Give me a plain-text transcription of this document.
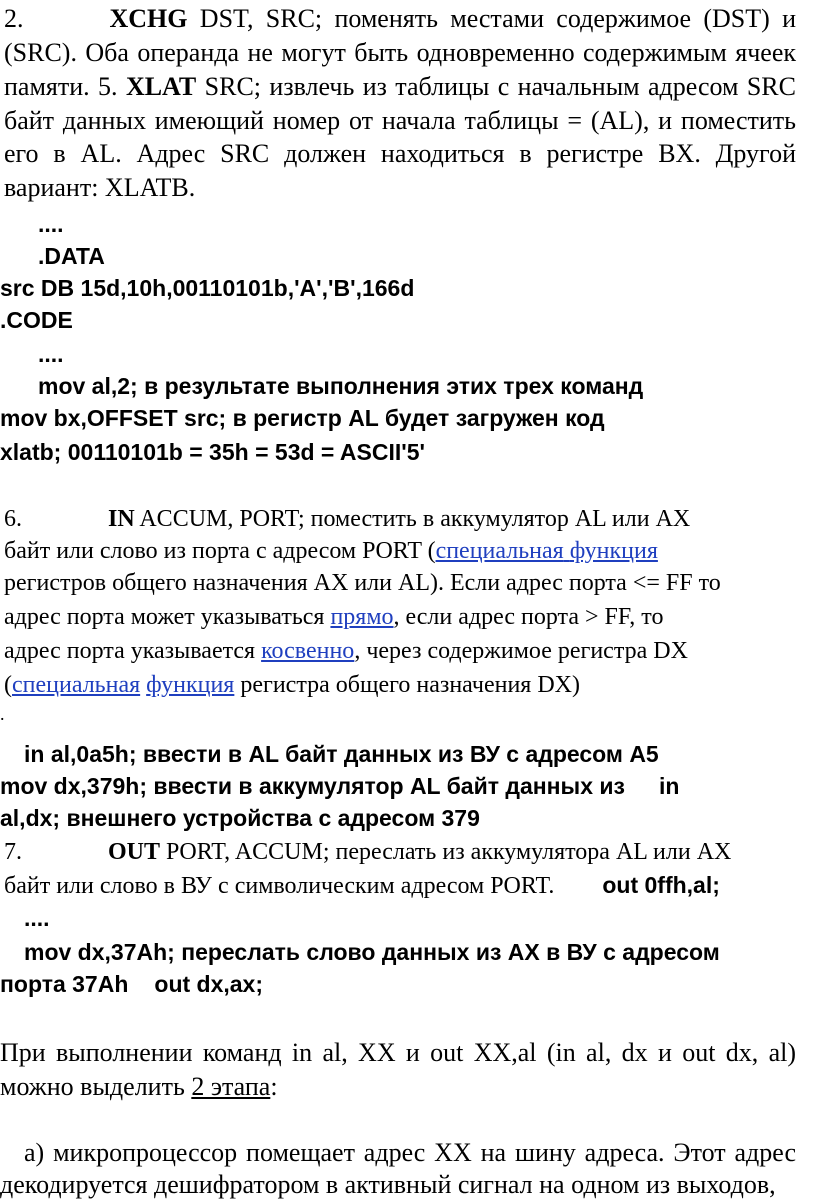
2.	XCHG DST, SRC; поменять местами содержимое (DST) и
(SRC). Оба операнда не могут быть одновременно содержимым ячеек
памяти. 5. XLAT SRC; извлечь из таблицы с начальным адресом SRC
байт данных имеющий номер от начала таблицы = (AL), и поместить
его в AL. Адрес SRC должен находиться в регистре BX. Другой
вариант: XLATB.
....
.DATA
src DB 15d,10h,00110101b,'A','B',166d
.CODE
....
mov al,2; в результате выполнения этих трех команд
mov bx,OFFSET src; в регистр AL будет загружен код
xlatb; 00110101b = 35h = 53d = ASCII'5'
6.	IN ACCUM, PORT; поместить в аккумулятор AL или AX
байт или слово из порта с адресом PORT (специальная функция
регистров общего назначения AX или AL). Если адрес порта <= FF то
адрес порта может указываться прямо, если адрес порта > FF, то
адрес порта указывается косвенно, через содержимое регистра DX
(специальная функция регистра общего назначения DX)
.
in al,0a5h; ввести в AL байт данных из ВУ с адресом A5
mov dx,379h; ввести в аккумулятор AL байт данных из in
al,dx; внешнего устройства с адресом 379
7.	OUT PORT, ACCUM; переслать из аккумулятора AL или AX
байт или слово в ВУ с символическим адресом PORT. out 0ffh,al;
....
mov dx,37Ah; переслать слово данных из AX в ВУ с адресом
порта 37Ah out dx,ax;
При выполнении команд in al, XX и out XX,al (in al, dx и out dx, al)
можно выделить 2 этапа:
а) микропроцессор помещает адрес XX на шину адреса. Этот адрес
декодируется дешифратором в активный сигнал на одном из выходов,
